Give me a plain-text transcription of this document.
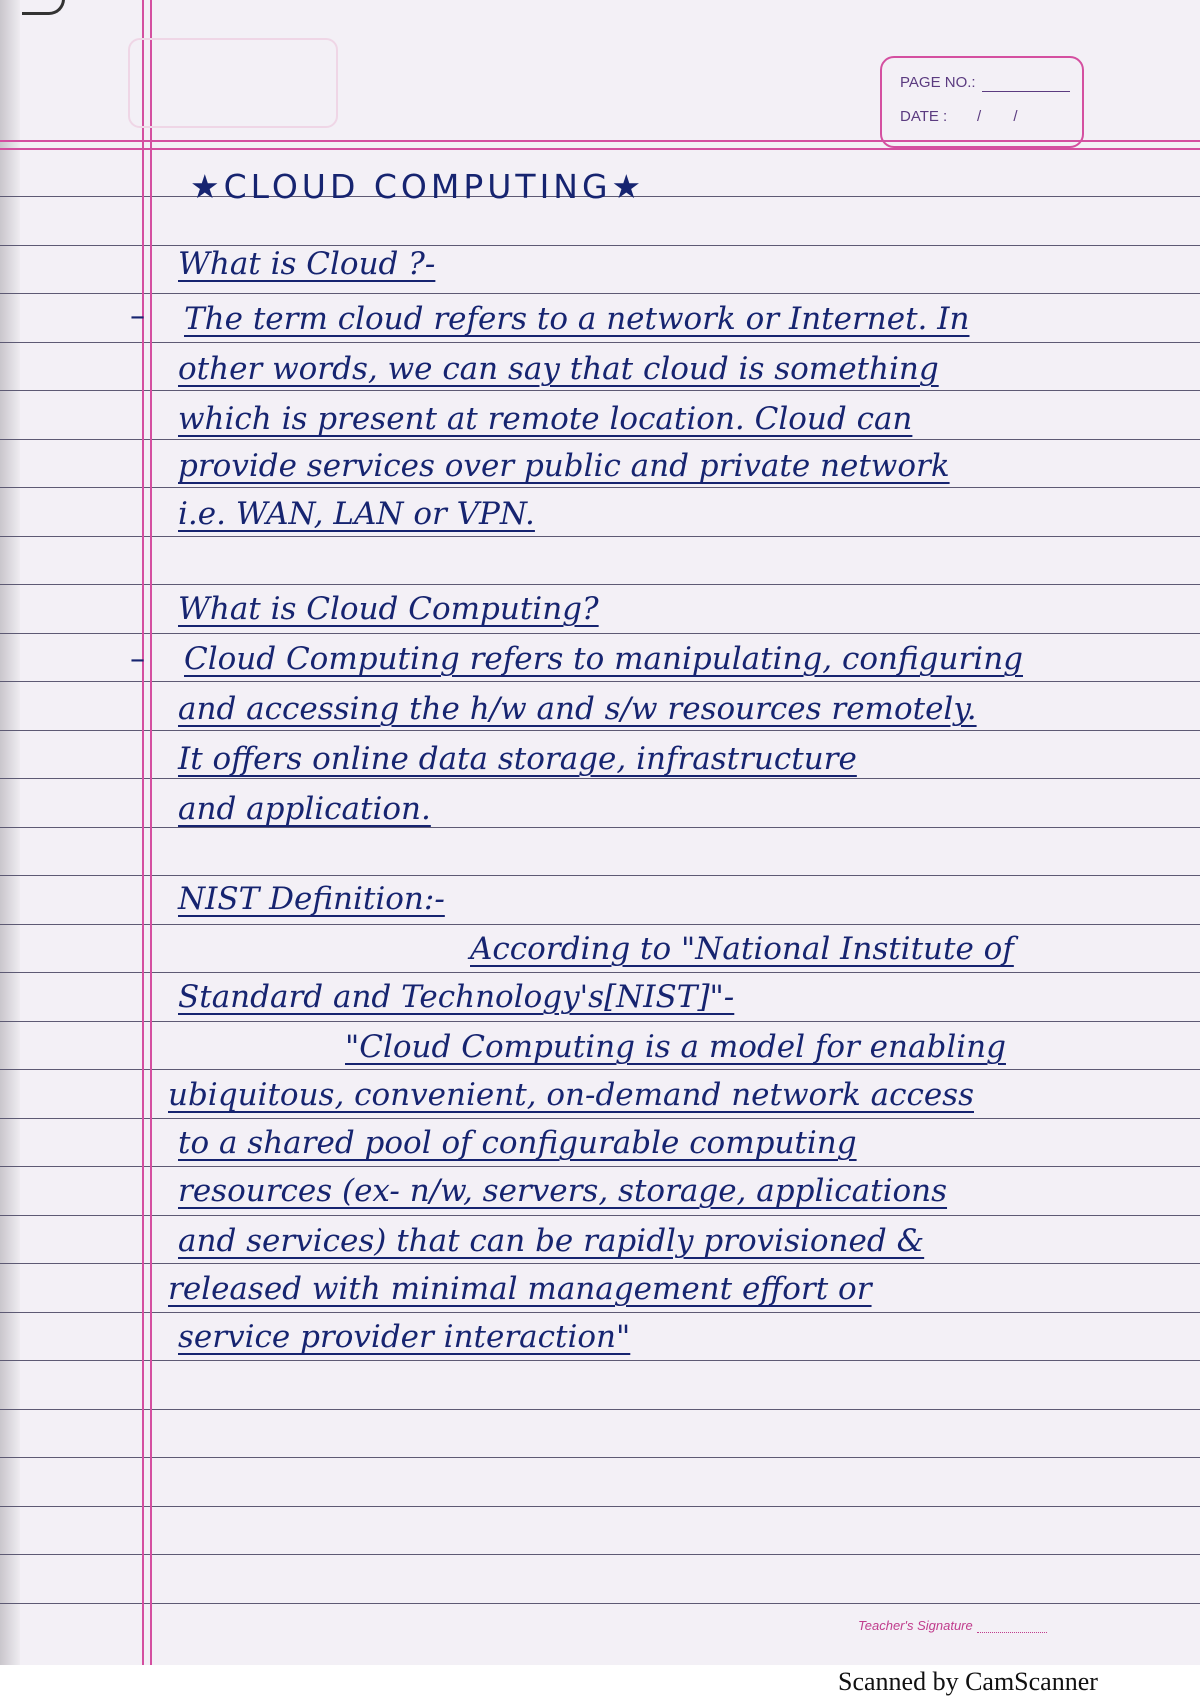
PAGE NO.:
DATE : / /

★CLOUD COMPUTING★

What is Cloud ?-

– The term cloud refers to a network or Internet. In

other words, we can say that cloud is something

which is present at remote location. Cloud can

provide services over public and private network

i.e. WAN, LAN or VPN.

What is Cloud Computing?

– Cloud Computing refers to manipulating, configuring

and accessing the h/w and s/w resources remotely.

It offers online data storage, infrastructure

and application.

NIST Definition:-

According to "National Institute of

Standard and Technology's[NIST]"-

"Cloud Computing is a model for enabling

ubiquitous, convenient, on-demand network access

to a shared pool of configurable computing

resources (ex- n/w, servers, storage, applications

and services) that can be rapidly provisioned &

released with minimal management effort or

service provider interaction"

Teacher's Signature
Scanned by CamScanner
